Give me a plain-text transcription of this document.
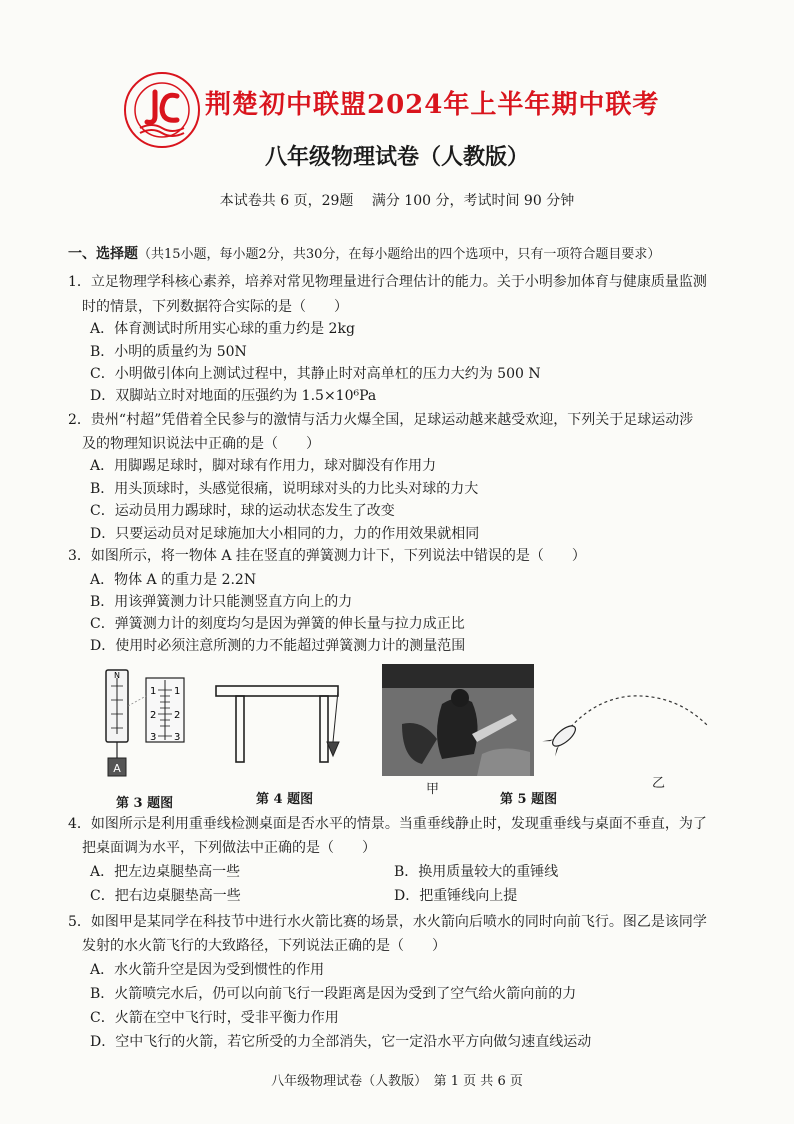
荆楚初中联盟2024年上半年期中联考
八年级物理试卷（人教版）
本试卷共 6 页，29题　 满分 100 分，考试时间 90 分钟
一、选择题（共15小题，每小题2分，共30分，在每小题给出的四个选项中，只有一项符合题目要求）
1．立足物理学科核心素养，培养对常见物理量进行合理估计的能力。关于小明参加体育与健康质量监测
　时的情景，下列数据符合实际的是（　　）
A．体育测试时所用实心球的重力约是 2kg
B．小明的质量约为 50N
C．小明做引体向上测试过程中，其静止时对高单杠的压力大约为 500 N
D．双脚站立时对地面的压强约为 1.5×10⁶Pa
2．贵州“村超”凭借着全民参与的激情与活力火爆全国，足球运动越来越受欢迎，下列关于足球运动涉
　及的物理知识说法中正确的是（　　）
A．用脚踢足球时，脚对球有作用力，球对脚没有作用力
B．用头顶球时，头感觉很痛，说明球对头的力比头对球的力大
C．运动员用力踢球时，球的运动状态发生了改变
D．只要运动员对足球施加大小相同的力，力的作用效果就相同
3．如图所示，将一物体 A 挂在竖直的弹簧测力计下，下列说法中错误的是（　　）
A．物体 A 的重力是 2.2N
B．用该弹簧测力计只能测竖直方向上的力
C．弹簧测力计的刻度均匀是因为弹簧的伸长量与拉力成正比
D．使用时必须注意所测的力不能超过弹簧测力计的测量范围
A
N
1
2
3
1
2
3
第 3 题图	第 4 题图
甲
第 5 题图
乙
4．如图所示是利用重垂线检测桌面是否水平的情景。当重垂线静止时，发现重垂线与桌面不垂直，为了
　把桌面调为水平，下列做法中正确的是（　　）
A．把左边桌腿垫高一些	B．换用质量较大的重锤线
C．把右边桌腿垫高一些	D．把重锤线向上提
5．如图甲是某同学在科技节中进行水火箭比赛的场景，水火箭向后喷水的同时向前飞行。图乙是该同学
　发射的水火箭飞行的大致路径，下列说法正确的是（　　）
A．水火箭升空是因为受到惯性的作用
B．火箭喷完水后，仍可以向前飞行一段距离是因为受到了空气给火箭向前的力
C．火箭在空中飞行时，受非平衡力作用
D．空中飞行的火箭，若它所受的力全部消失，它一定沿水平方向做匀速直线运动
八年级物理试卷（人教版）　第 1 页 共 6 页
